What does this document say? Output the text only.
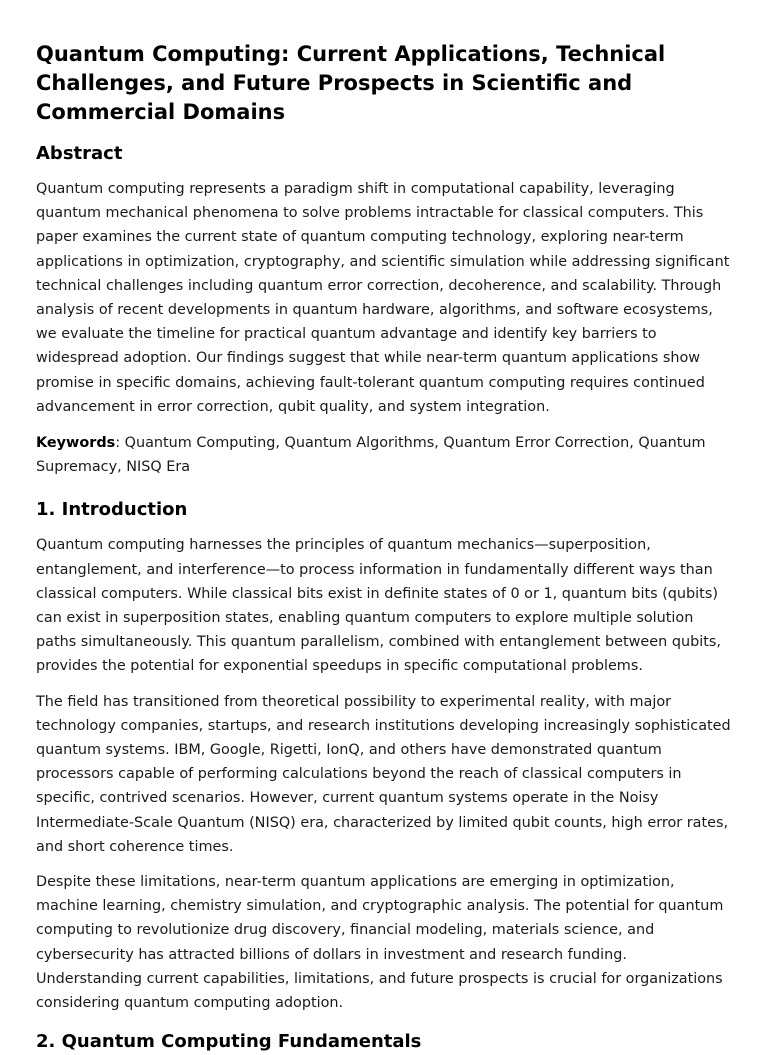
Quantum Computing: Current Applications, Technical Challenges, and Future Prospects in Scientific and Commercial Domains
Abstract

Quantum computing represents a paradigm shift in computational capability, leveraging quantum mechanical phenomena to solve problems intractable for classical computers. This paper examines the current state of quantum computing technology, exploring near-term applications in optimization, cryptography, and scientific simulation while addressing significant technical challenges including quantum error correction, decoherence, and scalability. Through analysis of recent developments in quantum hardware, algorithms, and software ecosystems, we evaluate the timeline for practical quantum advantage and identify key barriers to widespread adoption. Our findings suggest that while near-term quantum applications show promise in specific domains, achieving fault-tolerant quantum computing requires continued advancement in error correction, qubit quality, and system integration.

Keywords: Quantum Computing, Quantum Algorithms, Quantum Error Correction, Quantum Supremacy, NISQ Era

1. Introduction

Quantum computing harnesses the principles of quantum mechanics—superposition, entanglement, and interference—to process information in fundamentally different ways than classical computers. While classical bits exist in definite states of 0 or 1, quantum bits (qubits) can exist in superposition states, enabling quantum computers to explore multiple solution paths simultaneously. This quantum parallelism, combined with entanglement between qubits, provides the potential for exponential speedups in specific computational problems.

The field has transitioned from theoretical possibility to experimental reality, with major technology companies, startups, and research institutions developing increasingly sophisticated quantum systems. IBM, Google, Rigetti, IonQ, and others have demonstrated quantum processors capable of performing calculations beyond the reach of classical computers in specific, contrived scenarios. However, current quantum systems operate in the Noisy Intermediate-Scale Quantum (NISQ) era, characterized by limited qubit counts, high error rates, and short coherence times.

Despite these limitations, near-term quantum applications are emerging in optimization, machine learning, chemistry simulation, and cryptographic analysis. The potential for quantum computing to revolutionize drug discovery, financial modeling, materials science, and cybersecurity has attracted billions of dollars in investment and research funding. Understanding current capabilities, limitations, and future prospects is crucial for organizations considering quantum computing adoption.

2. Quantum Computing Fundamentals
